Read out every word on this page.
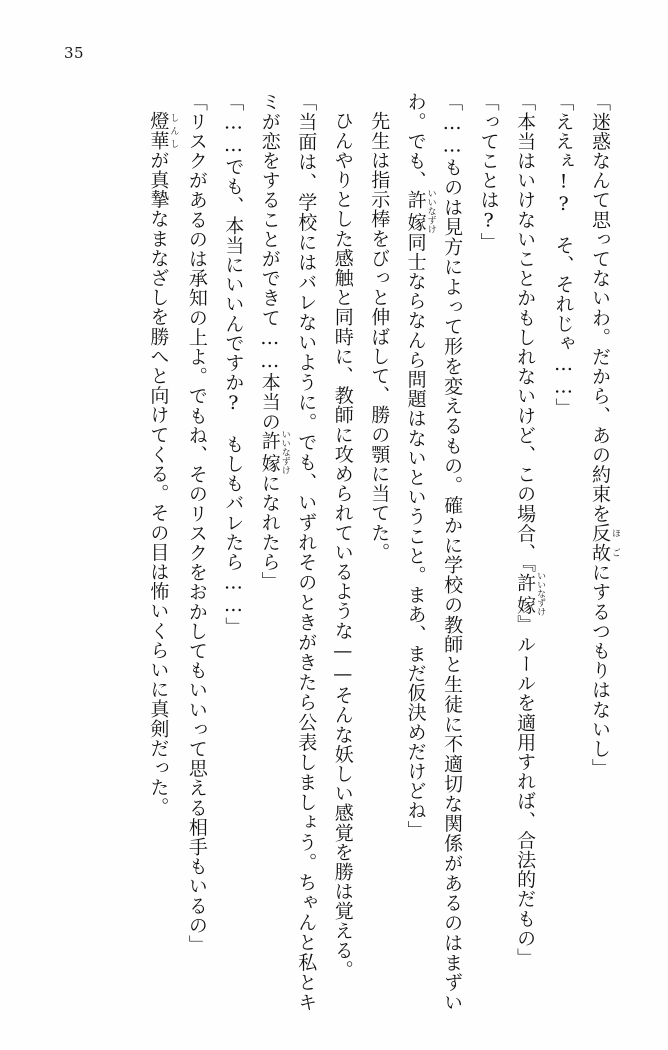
35

「迷惑なんて思ってないわ。だから、あの約束を反故 ほごにするつもりはないし」

「ええぇ!?　そ、それじゃ……」

「本当はいけないことかもしれないけど、この場合、『許嫁 いいなずけ』ルールを適用すれば、合法的だもの」

「ってことは?」

「……ものは見方によって形を変えるもの。確かに学校の教師と生徒に不適切な関係があるのはまずいわ。でも、許嫁 いいなずけ同士ならなんら問題はないということ。まあ、まだ仮決めだけどね」

先生は指示棒をびっと伸ばして、勝の顎に当てた。

ひんやりとした感触と同時に、教師に攻められているような——そんな妖しい感覚を勝は覚える。

「当面は、学校にはバレないように。でも、いずれそのときがきたら公表しましょう。ちゃんと私とキミが恋をすることができて……本当の許嫁 いいなずけになれたら」

「……でも、本当にいいんですか?　もしもバレたら……」

「リスクがあるのは承知の上よ。でもね、そのリスクをおかしてもいいって思える相手もいるの」

燈華 しんしが真摯なまなざしを勝へと向けてくる。その目は怖いくらいに真剣だった。
